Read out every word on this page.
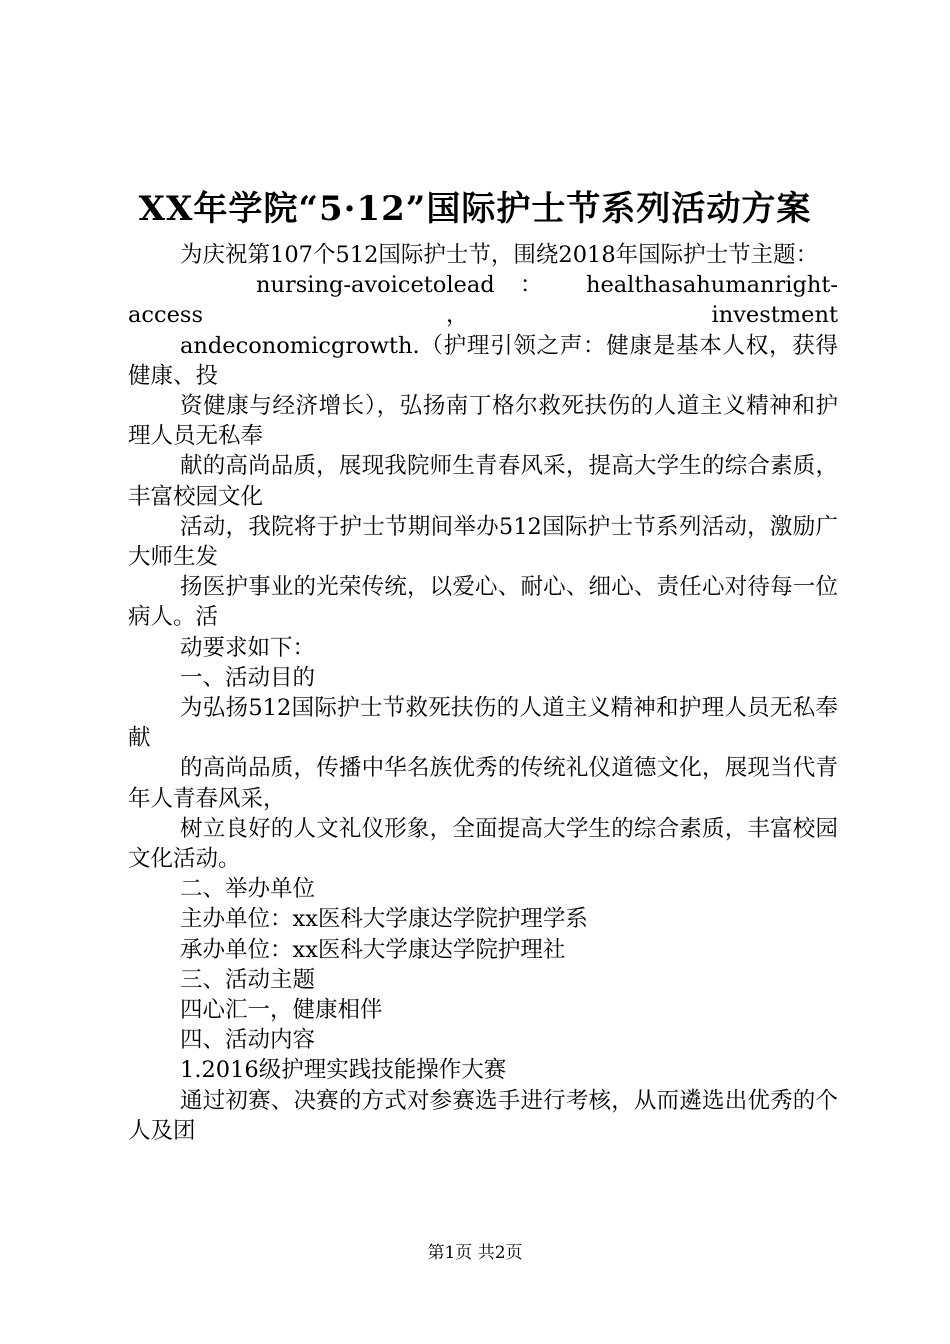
XX年学院“5·12”国际护士节系列活动方案

为庆祝第107个512国际护士节，围绕2018年国际护士节主题：

nursing-avoicetolead ： healthasahumanright-access，investment

andeconomicgrowth.（护理引领之声：健康是基本人权，获得健康、投

资健康与经济增长），弘扬南丁格尔救死扶伤的人道主义精神和护理人员无私奉

献的高尚品质，展现我院师生青春风采，提高大学生的综合素质，丰富校园文化

活动，我院将于护士节期间举办512国际护士节系列活动，激励广大师生发

扬医护事业的光荣传统，以爱心、耐心、细心、责任心对待每一位病人。活

动要求如下：

一、活动目的

为弘扬512国际护士节救死扶伤的人道主义精神和护理人员无私奉献

的高尚品质，传播中华名族优秀的传统礼仪道德文化，展现当代青年人青春风采，

树立良好的人文礼仪形象，全面提高大学生的综合素质，丰富校园文化活动。

二、举办单位

主办单位：xx医科大学康达学院护理学系

承办单位：xx医科大学康达学院护理社

三、活动主题

四心汇一，健康相伴

四、活动内容

1.2016级护理实践技能操作大赛

通过初赛、决赛的方式对参赛选手进行考核，从而遴选出优秀的个人及团

第1页 共2页
